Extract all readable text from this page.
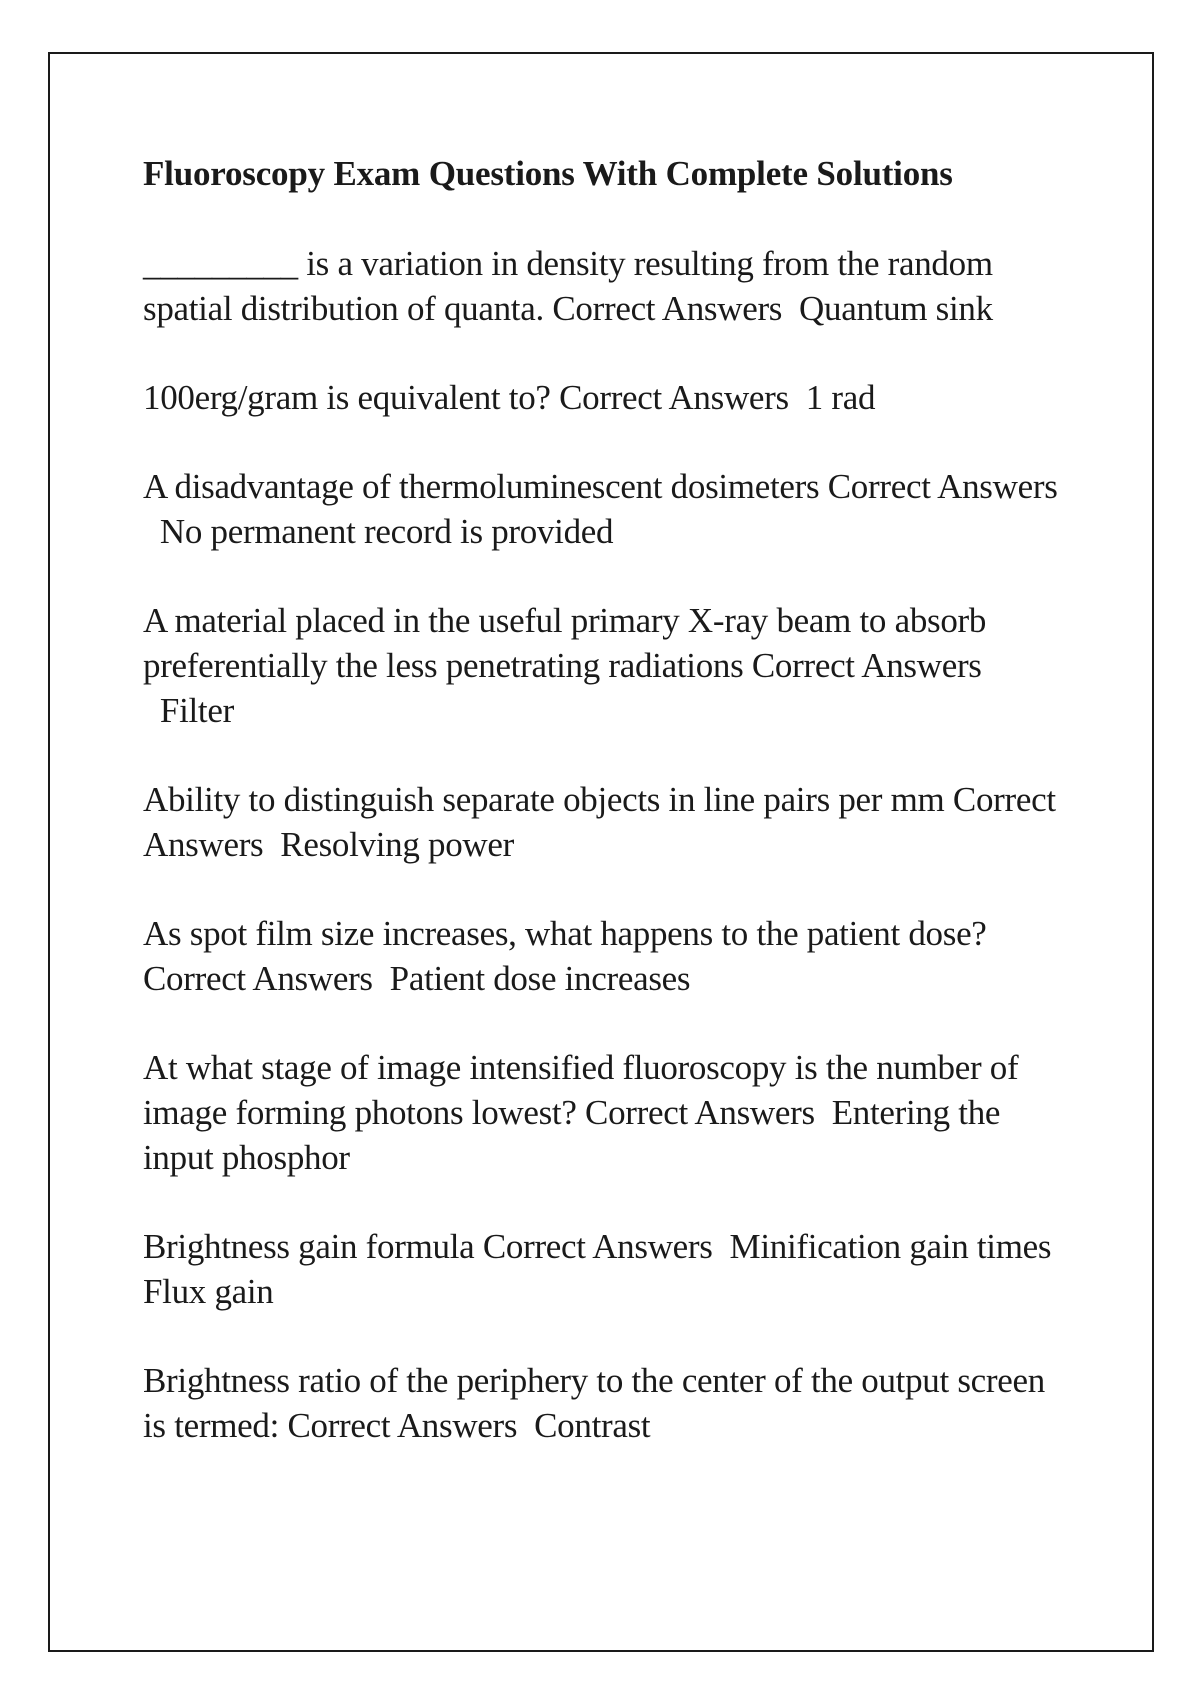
Fluoroscopy Exam Questions With Complete Solutions
_________ is a variation in density resulting from the random spatial distribution of quanta. Correct Answers Quantum sink
100erg/gram is equivalent to? Correct Answers 1 rad
A disadvantage of thermoluminescent dosimeters Correct Answers  No permanent record is provided
A material placed in the useful primary X-ray beam to absorb preferentially the less penetrating radiations Correct Answers  Filter
Ability to distinguish separate objects in line pairs per mm Correct Answers Resolving power
As spot film size increases, what happens to the patient dose? Correct Answers Patient dose increases
At what stage of image intensified fluoroscopy is the number of image forming photons lowest? Correct Answers Entering the input phosphor
Brightness gain formula Correct Answers Minification gain times Flux gain
Brightness ratio of the periphery to the center of the output screen is termed: Correct Answers Contrast
